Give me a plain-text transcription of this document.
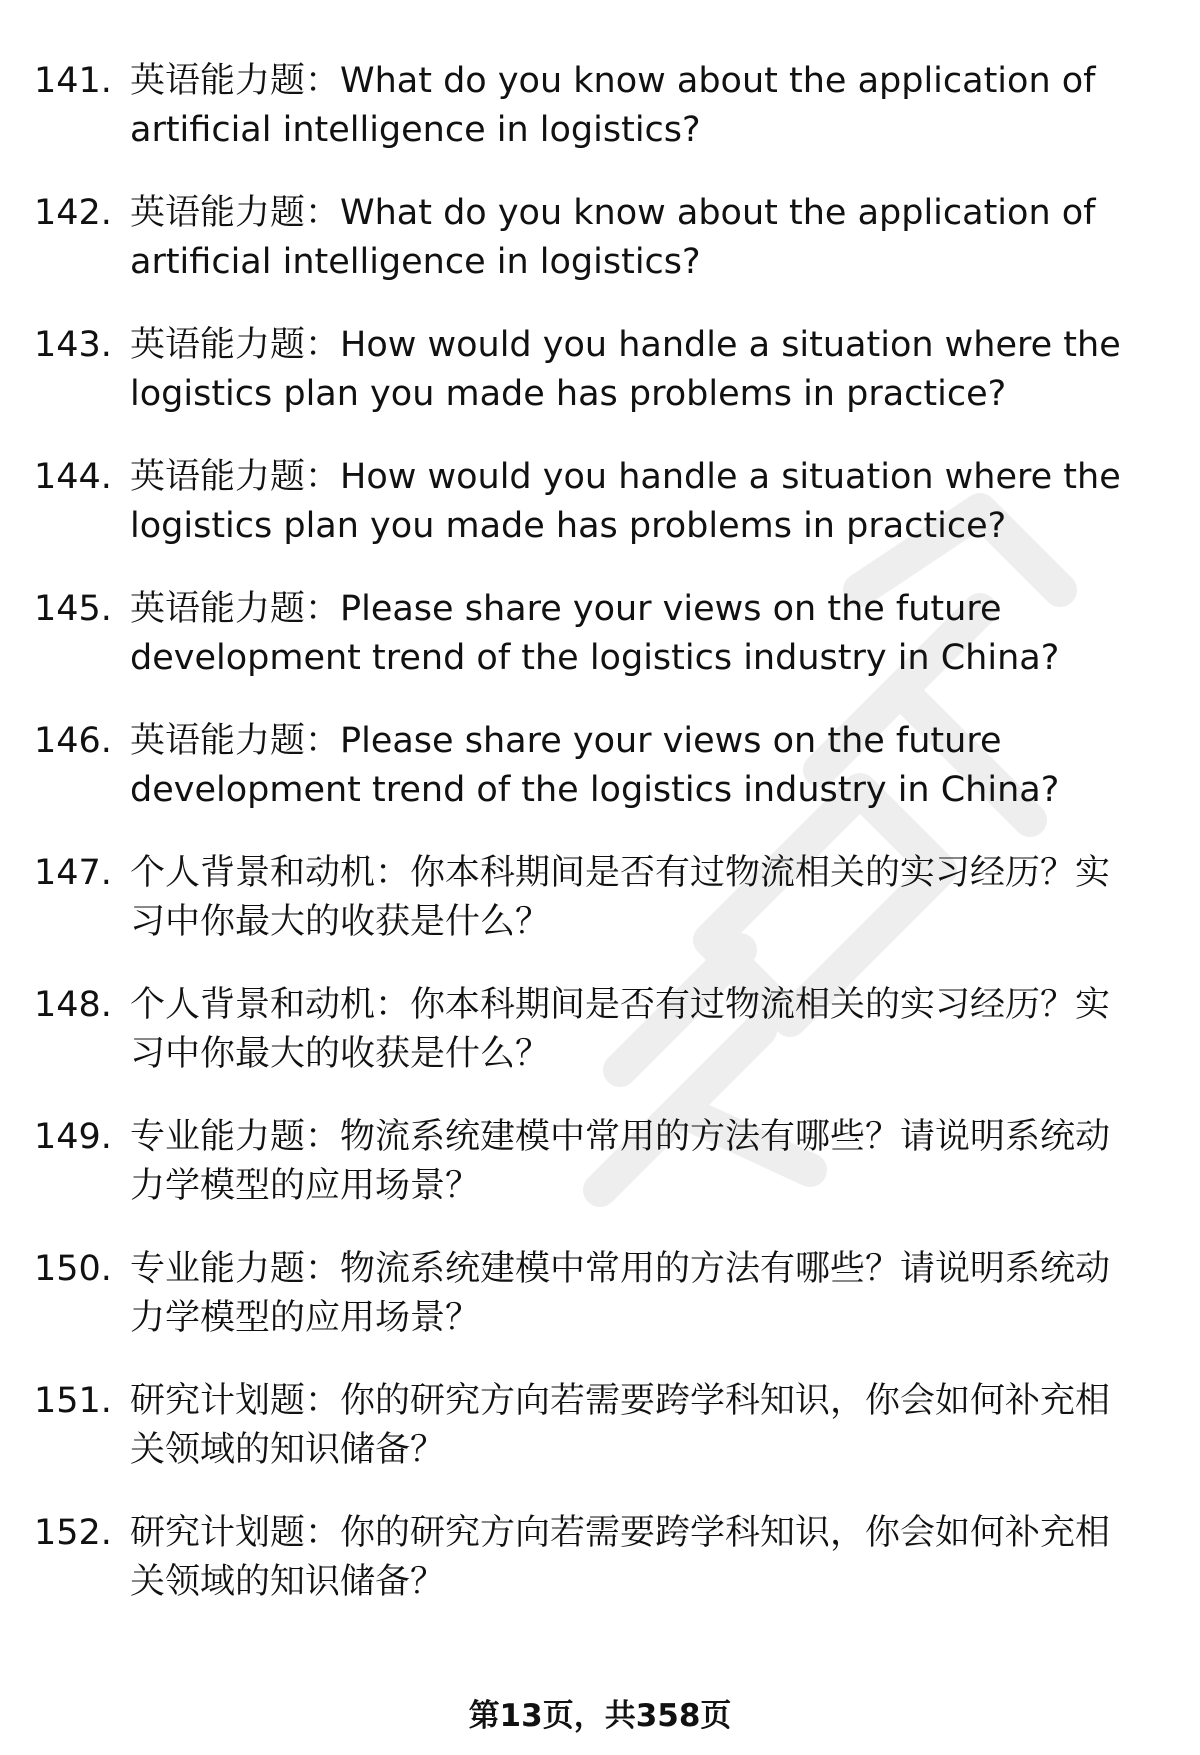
141. 英语能力题：What do you know about the application of artificial intelligence in logistics?
142. 英语能力题：What do you know about the application of artificial intelligence in logistics?
143. 英语能力题：How would you handle a situation where the logistics plan you made has problems in practice?
144. 英语能力题：How would you handle a situation where the logistics plan you made has problems in practice?
145. 英语能力题：Please share your views on the future development trend of the logistics industry in China?
146. 英语能力题：Please share your views on the future development trend of the logistics industry in China?
147. 个人背景和动机：你本科期间是否有过物流相关的实习经历？实习中你最大的收获是什么？
148. 个人背景和动机：你本科期间是否有过物流相关的实习经历？实习中你最大的收获是什么？
149. 专业能力题：物流系统建模中常用的方法有哪些？请说明系统动力学模型的应用场景？
150. 专业能力题：物流系统建模中常用的方法有哪些？请说明系统动力学模型的应用场景？
151. 研究计划题：你的研究方向若需要跨学科知识，你会如何补充相关领域的知识储备？
152. 研究计划题：你的研究方向若需要跨学科知识，你会如何补充相关领域的知识储备？
第13页，共358页
